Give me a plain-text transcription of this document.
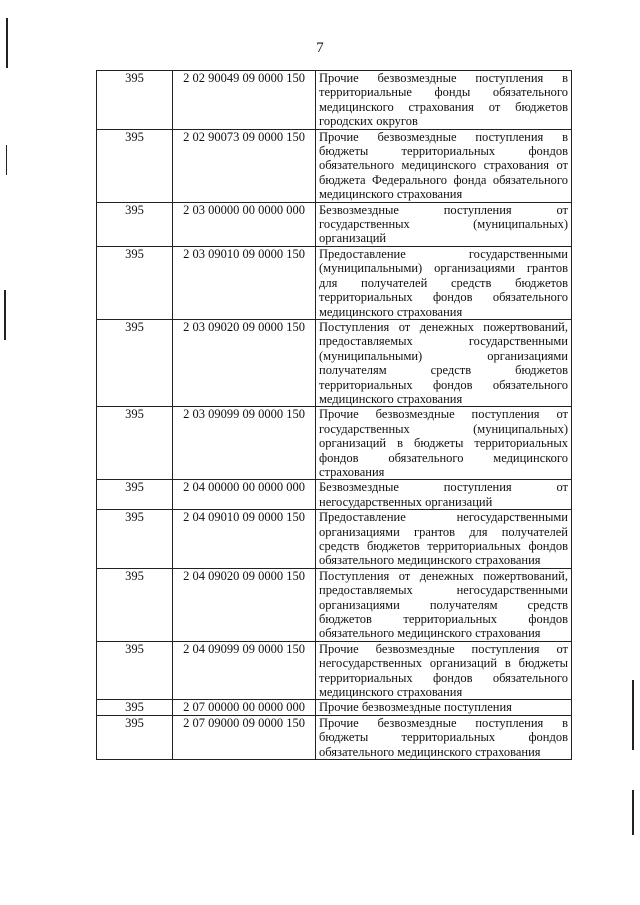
7
395	2 02 90049 09 0000 150	Прочие безвозмездные поступления в территориальные фонды обязательного медицинского страхования от бюджетов городских округов
395	2 02 90073 09 0000 150	Прочие безвозмездные поступления в бюджеты территориальных фондов обязательного медицинского страхования от бюджета Федерального фонда обязательного медицинского страхования
395	2 03 00000 00 0000 000	Безвозмездные поступления от государственных (муниципальных) организаций
395	2 03 09010 09 0000 150	Предоставление государственными (муниципальными) организациями грантов для получателей средств бюджетов территориальных фондов обязательного медицинского страхования
395	2 03 09020 09 0000 150	Поступления от денежных пожертвований, предоставляемых государственными (муниципальными) организациями получателям средств бюджетов территориальных фондов обязательного медицинского страхования
395	2 03 09099 09 0000 150	Прочие безвозмездные поступления от государственных (муниципальных) организаций в бюджеты территориальных фондов обязательного медицинского страхования
395	2 04 00000 00 0000 000	Безвозмездные поступления от негосударственных организаций
395	2 04 09010 09 0000 150	Предоставление негосударственными организациями грантов для получателей средств бюджетов территориальных фондов обязательного медицинского страхования
395	2 04 09020 09 0000 150	Поступления от денежных пожертвований, предоставляемых негосударственными организациями получателям средств бюджетов территориальных фондов обязательного медицинского страхования
395	2 04 09099 09 0000 150	Прочие безвозмездные поступления от негосударственных организаций в бюджеты территориальных фондов обязательного медицинского страхования
395	2 07 00000 00 0000 000	Прочие безвозмездные поступления
395	2 07 09000 09 0000 150	Прочие безвозмездные поступления в бюджеты территориальных фондов обязательного медицинского страхования
